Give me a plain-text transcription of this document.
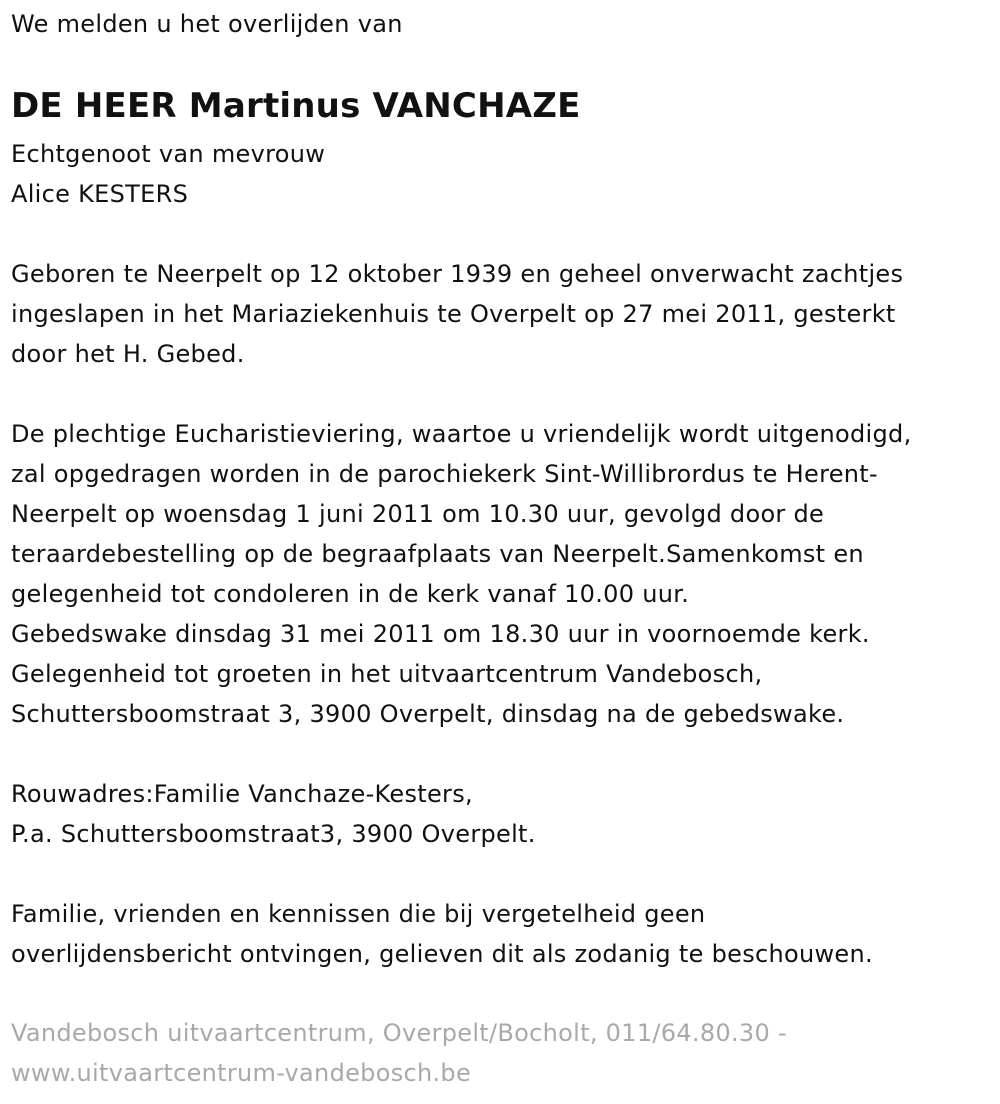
We melden u het overlijden van
DE HEER Martinus VANCHAZE
Echtgenoot van mevrouw
Alice KESTERS
Geboren te Neerpelt op 12 oktober 1939 en geheel onverwacht zachtjes
ingeslapen in het Mariaziekenhuis te Overpelt op 27 mei 2011, gesterkt
door het H. Gebed.
De plechtige Eucharistieviering, waartoe u vriendelijk wordt uitgenodigd,
zal opgedragen worden in de parochiekerk Sint-Willibrordus te Herent-
Neerpelt op woensdag 1 juni 2011 om 10.30 uur, gevolgd door de
teraardebestelling op de begraafplaats van Neerpelt.Samenkomst en
gelegenheid tot condoleren in de kerk vanaf 10.00 uur.
Gebedswake dinsdag 31 mei 2011 om 18.30 uur in voornoemde kerk.
Gelegenheid tot groeten in het uitvaartcentrum Vandebosch,
Schuttersboomstraat 3, 3900 Overpelt, dinsdag na de gebedswake.
Rouwadres:Familie Vanchaze-Kesters,
P.a. Schuttersboomstraat3, 3900 Overpelt.
Familie, vrienden en kennissen die bij vergetelheid geen
overlijdensbericht ontvingen, gelieven dit als zodanig te beschouwen.
Vandebosch uitvaartcentrum, Overpelt/Bocholt, 011/64.80.30 -
www.uitvaartcentrum-vandebosch.be
